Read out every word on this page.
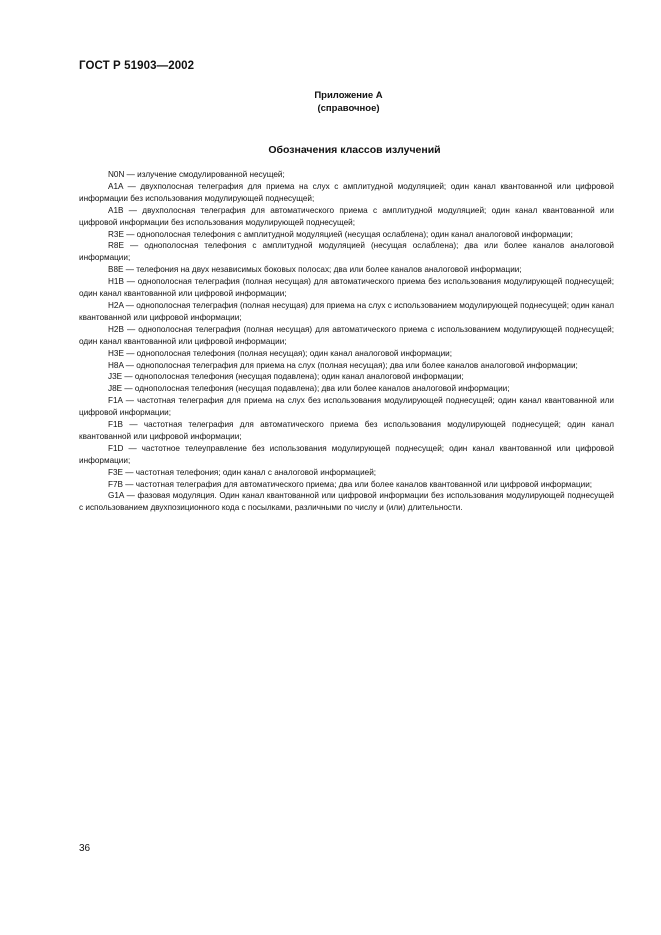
ГОСТ Р 51903—2002
Приложение А
(справочное)
Обозначения классов излучений

N0N — излучение смодулированной несущей;

A1A — двухполосная телеграфия для приема на слух с амплитудной модуляцией; один канал квантованной или цифровой информации без использования модулирующей поднесущей;

A1B — двухполосная телеграфия для автоматического приема с амплитудной модуляцией; один канал квантованной или цифровой информации без использования модулирующей поднесущей;

R3E — однополосная телефония с амплитудной модуляцией (несущая ослаблена); один канал аналоговой информации;

R8E — однополосная телефония с амплитудной модуляцией (несущая ослаблена); два или более каналов аналоговой информации;

B8E — телефония на двух независимых боковых полосах; два или более каналов аналоговой информации;

H1B — однополосная телеграфия (полная несущая) для автоматического приема без использования модулирующей поднесущей; один канал квантованной или цифровой информации;

H2A — однополосная телеграфия (полная несущая) для приема на слух с использованием модулирующей поднесущей; один канал квантованной или цифровой информации;

H2B — однополосная телеграфия (полная несущая) для автоматического приема с использованием модулирующей поднесущей; один канал квантованной или цифровой информации;

H3E — однополосная телефония (полная несущая); один канал аналоговой информации;

H8A — однополосная телеграфия для приема на слух (полная несущая); два или более каналов аналоговой информации;

J3E — однополосная телефония (несущая подавлена); один канал аналоговой информации;

J8E — однополосная телефония (несущая подавлена); два или более каналов аналоговой информации;

F1A — частотная телеграфия для приема на слух без использования модулирующей поднесущей; один канал квантованной или цифровой информации;

F1B — частотная телеграфия для автоматического приема без использования модулирующей поднесущей; один канал квантованной или цифровой информации;

F1D — частотное телеуправление без использования модулирующей поднесущей; один канал квантованной или цифровой информации;

F3E — частотная телефония; один канал с аналоговой информацией;

F7B — частотная телеграфия для автоматического приема; два или более каналов квантованной или цифровой информации;

G1A — фазовая модуляция. Один канал квантованной или цифровой информации без использования модулирующей поднесущей с использованием двухпозиционного кода с посылками, различными по числу и (или) длительности.

36
